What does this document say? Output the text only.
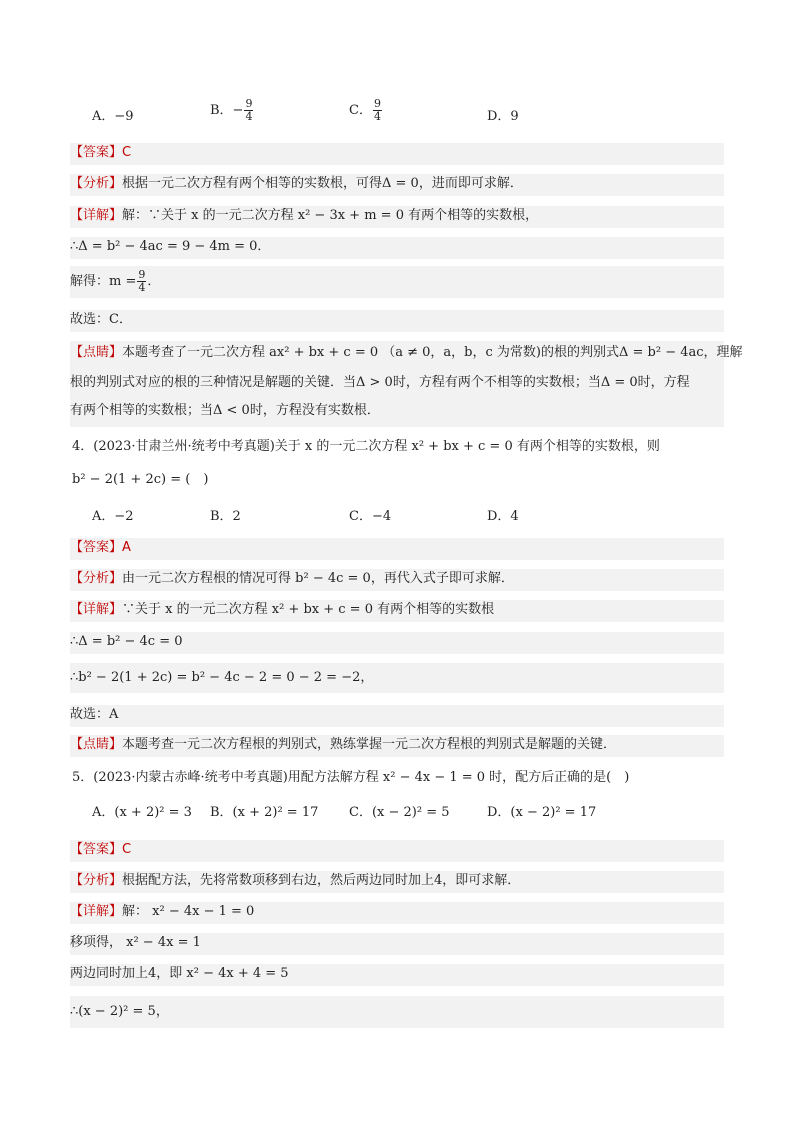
A．−9	B．− $\frac{9}{4}$	C． $\frac{9}{4}$	D．9
【答案】C
【分析】根据一元二次方程有两个相等的实数根，可得Δ = 0，进而即可求解．
【详解】解：∵关于 x 的一元二次方程 x² − 3x + m = 0 有两个相等的实数根，
∴Δ = b² − 4ac = 9 − 4m = 0．
解得：$m = \frac{9}{4}$ ．
故选：C．
【点睛】本题考查了一元二次方程 ax² + bx + c = 0 （a ≠ 0，a，b，c 为常数)的根的判别式Δ = b² − 4ac，理解
根的判别式对应的根的三种情况是解题的关键．当Δ > 0时，方程有两个不相等的实数根；当Δ = 0时，方程
有两个相等的实数根；当Δ < 0时，方程没有实数根．
4．(2023·甘肃兰州·统考中考真题)关于 x 的一元二次方程 x² + bx + c = 0 有两个相等的实数根，则
b² − 2(1 + 2c) = (　)
A．−2	B．2	C．−4	D．4
【答案】A
【分析】由一元二次方程根的情况可得 b² − 4c = 0，再代入式子即可求解．
【详解】∵关于 x 的一元二次方程 x² + bx + c = 0 有两个相等的实数根
∴Δ = b² − 4c = 0
∴b² − 2(1 + 2c) = b² − 4c − 2 = 0 − 2 = −2，
故选：A
【点睛】本题考查一元二次方程根的判别式，熟练掌握一元二次方程根的判别式是解题的关键．
5．(2023·内蒙古赤峰·统考中考真题)用配方法解方程 x² − 4x − 1 = 0 时，配方后正确的是(　)
A．(x + 2)² = 3 B．(x + 2)² = 17 C．(x − 2)² = 5	D．(x − 2)² = 17
【答案】C
【分析】根据配方法，先将常数项移到右边，然后两边同时加上4，即可求解．
【详解】解： x² − 4x − 1 = 0
移项得， x² − 4x = 1
两边同时加上4，即 x² − 4x + 4 = 5
∴(x − 2)² = 5，
